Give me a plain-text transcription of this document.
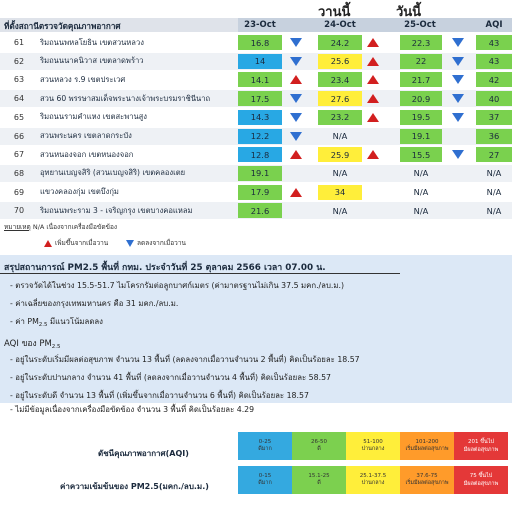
ที่ตั้งสถานีตรวจวัดคุณภาพอากาศ
วานนี้	วันนี้
23-Oct	24-Oct	25-Oct	AQI
61	ริมถนนพหลโยธิน เขตสวนหลวง	16.8	24.2	22.3	43
62	ริมถนนนาคนิวาส เขตลาดพร้าว	14	25.6	22	43
63	สวนหลวง ร.9 เขตประเวศ	14.1	23.4	21.7	42
64	สวน 60 พรรษาสมเด็จพระนางเจ้าพระบรมราชินีนาถ	17.5	27.6	20.9	40
65	ริมถนนรามคำแหง เขตสะพานสูง	14.3	23.2	19.5	37
66	สวนพระนคร เขตลาดกระบัง	12.2	N/A	19.1	36
67	สวนหนองจอก เขตหนองจอก	12.8	25.9	15.5	27
68	อุทยานเบญจสิริ (สวนเบญจสิริ) เขตคลองเตย	19.1	N/A	N/A	N/A
69	แขวงคลองกุ่ม เขตบึงกุ่ม	17.9	34	N/A	N/A
70	ริมถนนพระราม 3 - เจริญกรุง เขตบางคอแหลม	21.6	N/A	N/A	N/A
หมายเหตุ N/A เนื่องจากเครื่องมือขัดข้อง
เพิ่มขึ้นจากเมื่อวาน	ลดลงจากเมื่อวาน
สรุปสถานการณ์ PM2.5 พื้นที่ กทม. ประจำวันที่ 25 ตุลาคม 2566 เวลา 07.00 น.
- ตรวจวัดได้ในช่วง 15.5-51.7 ไมโครกรัมต่อลูกบาศก์เมตร (ค่ามาตรฐานไม่เกิน 37.5 มคก./ลบ.ม.)
- ค่าเฉลี่ยของกรุงเทพมหานคร คือ 31 มคก./ลบ.ม.
- ค่า $PM_{2.5}$ มีแนวโน้มลดลง
AQI ของ $PM_{2.5}$
- อยู่ในระดับเริ่มมีผลต่อสุขภาพ จำนวน 13 พื้นที่ (ลดลงจากเมื่อวานจำนวน 2 พื้นที่) คิดเป็นร้อยละ 18.57
- อยู่ในระดับปานกลาง จำนวน 41 พื้นที่ (ลดลงจากเมื่อวานจำนวน 4 พื้นที่) คิดเป็นร้อยละ 58.57
- อยู่ในระดับดี จำนวน 13 พื้นที่ (เพิ่มขึ้นจากเมื่อวานจำนวน 6 พื้นที่) คิดเป็นร้อยละ 18.57
- ไม่มีข้อมูลเนื่องจากเครื่องมือขัดข้อง จำนวน 3 พื้นที่ คิดเป็นร้อยละ 4.29
ดัชนีคุณภาพอากาศ(AQI)
ค่าความเข้มข้นของ PM2.5(มคก./ลบ.ม.)
0-25
ดีมาก
26-50
ดี
51-100
ปานกลาง
101-200
เริ่มมีผลต่อสุขภาพ
201 ขึ้นไป
มีผลต่อสุขภาพ
0-15
ดีมาก
15.1-25
ดี
25.1-37.5
ปานกลาง
37.6-75
เริ่มมีผลต่อสุขภาพ
75 ขึ้นไป
มีผลต่อสุขภาพ
